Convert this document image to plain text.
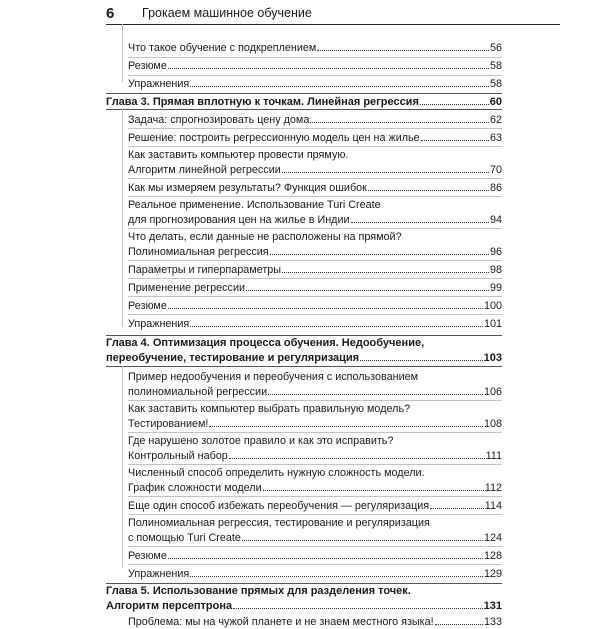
6	Грокаем машинное обучение
Что такое обучение с подкреплением	56
Резюме	58
Упражнения	58
Глава 3. Прямая вплотную к точкам. Линейная регрессия	60
Задача: спрогнозировать цену дома	62
Решение: построить регрессионную модель цен на жилье	63
Как заставить компьютер провести прямую.
Алгоритм линейной регрессии	70
Как мы измеряем результаты? Функция ошибок	86
Реальное применение. Использование Turi Create
для прогнозирования цен на жилье в Индии	94
Что делать, если данные не расположены на прямой?
Полиномиальная регрессия	96
Параметры и гиперпараметры	98
Применение регрессии	99
Резюме	100
Упражнения	101
Глава 4. Оптимизация процесса обучения. Недообучение,
переобучение, тестирование и регуляризация	103
Пример недообучения и переобучения с использованием
полиномиальной регрессии	106
Как заставить компьютер выбрать правильную модель?
Тестированием!	108
Где нарушено золотое правило и как это исправить?
Контрольный набор	111
Численный способ определить нужную сложность модели.
График сложности модели	112
Еще один способ избежать переобучения — регуляризация	114
Полиномиальная регрессия, тестирование и регуляризация
с помощью Turi Create	124
Резюме	128
Упражнения	129
Глава 5. Использование прямых для разделения точек.
Алгоритм персептрона	131
Проблема: мы на чужой планете и не знаем местного языка!	133
